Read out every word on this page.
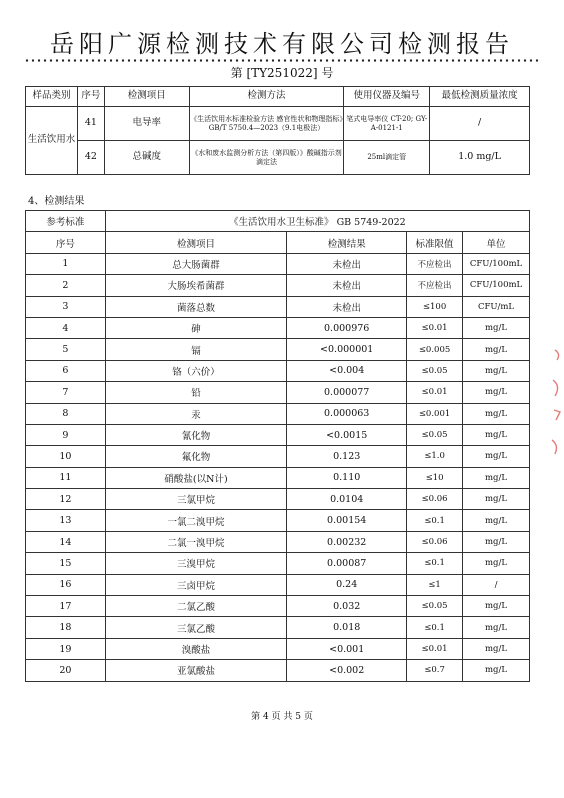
岳阳广源检测技术有限公司检测报告
第 [TY251022] 号
样品类别	序号	检测项目	检测方法	使用仪器及编号	最低检测质量浓度
生活饮用水	41	电导率	《生活饮用水标准检验方法 感官性状和物理指标》GB/T 5750.4—2023（9.1电极法）	笔式电导率仪 CT-20; GY-A-0121-1	/
	42	总碱度	《水和废水监测分析方法（第四版）》酸碱指示剂滴定法	25ml滴定管	1.0 mg/L
4、检测结果
参考标准	《生活饮用水卫生标准》 GB 5749-2022			
序号	检测项目	检测结果	标准限值	单位
1	总大肠菌群	未检出	不应检出	CFU/100mL
2	大肠埃希菌群	未检出	不应检出	CFU/100mL
3	菌落总数	未检出	≤100	CFU/mL
4	砷	0.000976	≤0.01	mg/L
5	镉	<0.000001	≤0.005	mg/L
6	铬（六价）	<0.004	≤0.05	mg/L
7	铅	0.000077	≤0.01	mg/L
8	汞	0.000063	≤0.001	mg/L
9	氰化物	<0.0015	≤0.05	mg/L
10	氟化物	0.123	≤1.0	mg/L
11	硝酸盐(以N计)	0.110	≤10	mg/L
12	三氯甲烷	0.0104	≤0.06	mg/L
13	一氯二溴甲烷	0.00154	≤0.1	mg/L
14	二氯一溴甲烷	0.00232	≤0.06	mg/L
15	三溴甲烷	0.00087	≤0.1	mg/L
16	三卤甲烷	0.24	≤1	/
17	二氯乙酸	0.032	≤0.05	mg/L
18	三氯乙酸	0.018	≤0.1	mg/L
19	溴酸盐	<0.001	≤0.01	mg/L
20	亚氯酸盐	<0.002	≤0.7	mg/L
第 4 页 共 5 页
